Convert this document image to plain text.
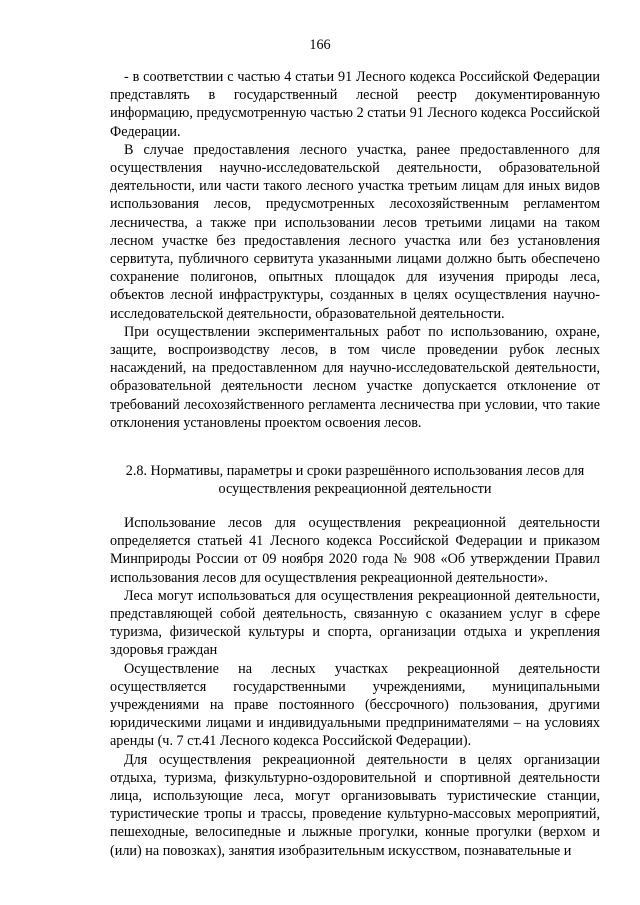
166

- в соответствии с частью 4 статьи 91 Лесного кодекса Российской Федерации представлять в государственный лесной реестр документированную информацию, предусмотренную частью 2 статьи 91 Лесного кодекса Российской Федерации.

В случае предоставления лесного участка, ранее предоставленного для осуществления научно-исследовательской деятельности, образовательной деятельности, или части такого лесного участка третьим лицам для иных видов использования лесов, предусмотренных лесохозяйственным регламентом лесничества, а также при использовании лесов третьими лицами на таком лесном участке без предоставления лесного участка или без установления сервитута, публичного сервитута указанными лицами должно быть обеспечено сохранение полигонов, опытных площадок для изучения природы леса, объектов лесной инфраструктуры, созданных в целях осуществления научно-исследовательской деятельности, образовательной деятельности.

При осуществлении экспериментальных работ по использованию, охране, защите, воспроизводству лесов, в том числе проведении рубок лесных насаждений, на предоставленном для научно-исследовательской деятельности, образовательной деятельности лесном участке допускается отклонение от требований лесохозяйственного регламента лесничества при условии, что такие отклонения установлены проектом освоения лесов.

2.8. Нормативы, параметры и сроки разрешённого использования лесов для
осуществления рекреационной деятельности

Использование лесов для осуществления рекреационной деятельности определяется статьей 41 Лесного кодекса Российской Федерации и приказом Минприроды России от 09 ноября 2020 года № 908 «Об утверждении Правил использования лесов для осуществления рекреационной деятельности».

Леса могут использоваться для осуществления рекреационной деятельности, представляющей собой деятельность, связанную с оказанием услуг в сфере туризма, физической культуры и спорта, организации отдыха и укрепления здоровья граждан

Осуществление на лесных участках рекреационной деятельности осуществляется государственными учреждениями, муниципальными учреждениями на праве постоянного (бессрочного) пользования, другими юридическими лицами и индивидуальными предпринимателями – на условиях аренды (ч. 7 ст.41 Лесного кодекса Российской Федерации).

Для осуществления рекреационной деятельности в целях организации отдыха, туризма, физкультурно-оздоровительной и спортивной деятельности лица, использующие леса, могут организовывать туристические станции, туристические тропы и трассы, проведение культурно-массовых мероприятий, пешеходные, велосипедные и лыжные прогулки, конные прогулки (верхом и (или) на повозках), занятия изобразительным искусством, познавательные и
